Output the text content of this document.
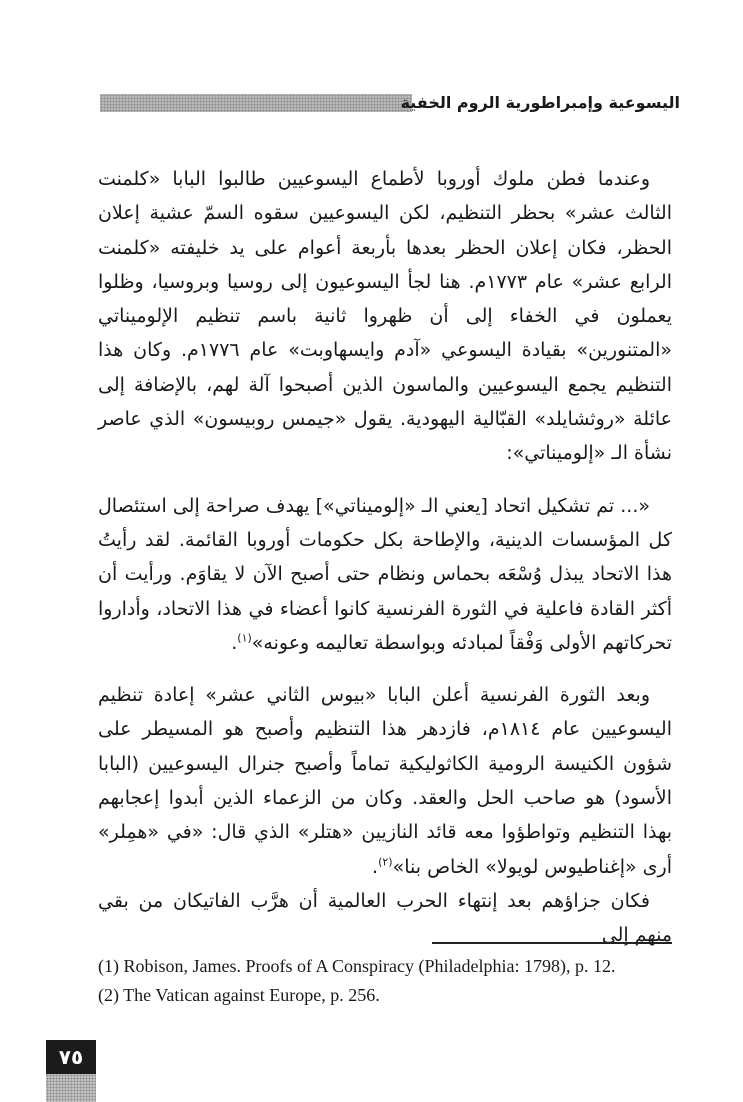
اليسوعية وإمبراطورية الروم الخفية

وعندما فطن ملوك أوروبا لأطماع اليسوعيين طالبوا البابا «كلمنت الثالث عشر» بحظر التنظيم، لكن اليسوعيين سقوه السمّ عشية إعلان الحظر، فكان إعلان الحظر بعدها بأربعة أعوام على يد خليفته «كلمنت الرابع عشر» عام ١٧٧٣م. هنا لجأ اليسوعيون إلى روسيا وبروسيا، وظلوا يعملون في الخفاء إلى أن ظهروا ثانية باسم تنظيم الإلوميناتي «المتنورين» بقيادة اليسوعي «آدم وايسهاوبت» عام ١٧٧٦م. وكان هذا التنظيم يجمع اليسوعيين والماسون الذين أصبحوا آلة لهم، بالإضافة إلى عائلة «روثشايلد» القبّالية اليهودية. يقول «جيمس روبيسون» الذي عاصر نشأة الـ «إلوميناتي»:

«... تم تشكيل اتحاد [يعني الـ «إلوميناتي»] يهدف صراحة إلى استئصال كل المؤسسات الدينية، والإطاحة بكل حكومات أوروبا القائمة. لقد رأيتُ هذا الاتحاد يبذل وُسْعَه بحماس ونظام حتى أصبح الآن لا يقاوَم. ورأيت أن أكثر القادة فاعلية في الثورة الفرنسية كانوا أعضاء في هذا الاتحاد، وأداروا تحركاتهم الأولى وَفْقاً لمبادئه وبواسطة تعاليمه وعونه»$^{(١)}$.

وبعد الثورة الفرنسية أعلن البابا «بيوس الثاني عشر» إعادة تنظيم اليسوعيين عام ١٨١٤م، فازدهر هذا التنظيم وأصبح هو المسيطر على شؤون الكنيسة الرومية الكاثوليكية تماماً وأصبح جنرال اليسوعيين (البابا الأسود) هو صاحب الحل والعقد. وكان من الزعماء الذين أبدوا إعجابهم بهذا التنظيم وتواطؤوا معه قائد النازيين «هتلر» الذي قال: «في «همِلر» أرى «إغناطيوس لويولا» الخاص بنا»$^{(٢)}$.

فكان جزاؤهم بعد إنتهاء الحرب العالمية أن هرَّب الفاتيكان من بقي منهم إلى

(1) Robison, James. Proofs of A Conspiracy (Philadelphia: 1798), p. 12.

(2) The Vatican against Europe, p. 256.

٧٥
